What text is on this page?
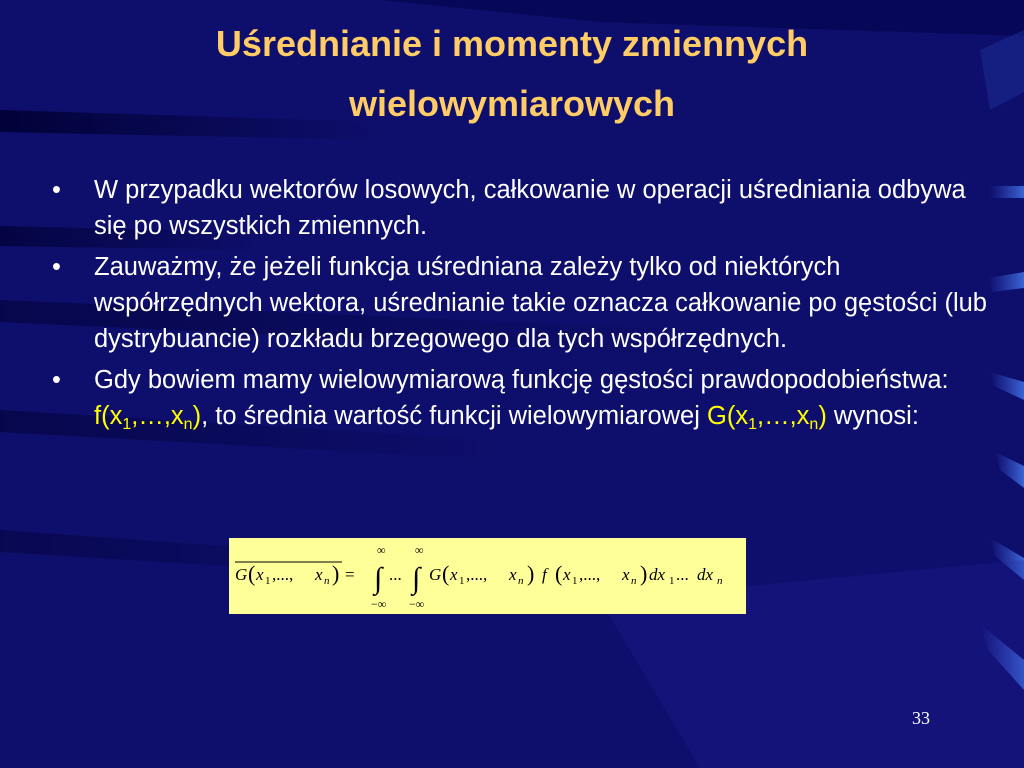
Uśrednianie i momenty zmiennych
wielowymiarowych
• W przypadku wektorów losowych, całkowanie w operacji uśredniania odbywa się po wszystkich zmiennych.
• Zauważmy, że jeżeli funkcja uśredniana zależy tylko od niektórych współrzędnych wektora, uśrednianie takie oznacza całkowanie po gęstości (lub dystrybuancie) rozkładu brzegowego dla tych współrzędnych.
• Gdy bowiem mamy wielowymiarową funkcję gęstości prawdopodobieństwa: $f(x_1,\dots,x_n)$, to średnia wartość funkcji wielowymiarowej $G(x_1,\dots,x_n)$ wynosi:
G ( x 1 ,..., x n ) =
∞
∫
−∞
...
∞
∫
−∞
G ( x 1 ,..., x n ) f ( x 1 ,..., x n ) dx 1 ... dx n
33
